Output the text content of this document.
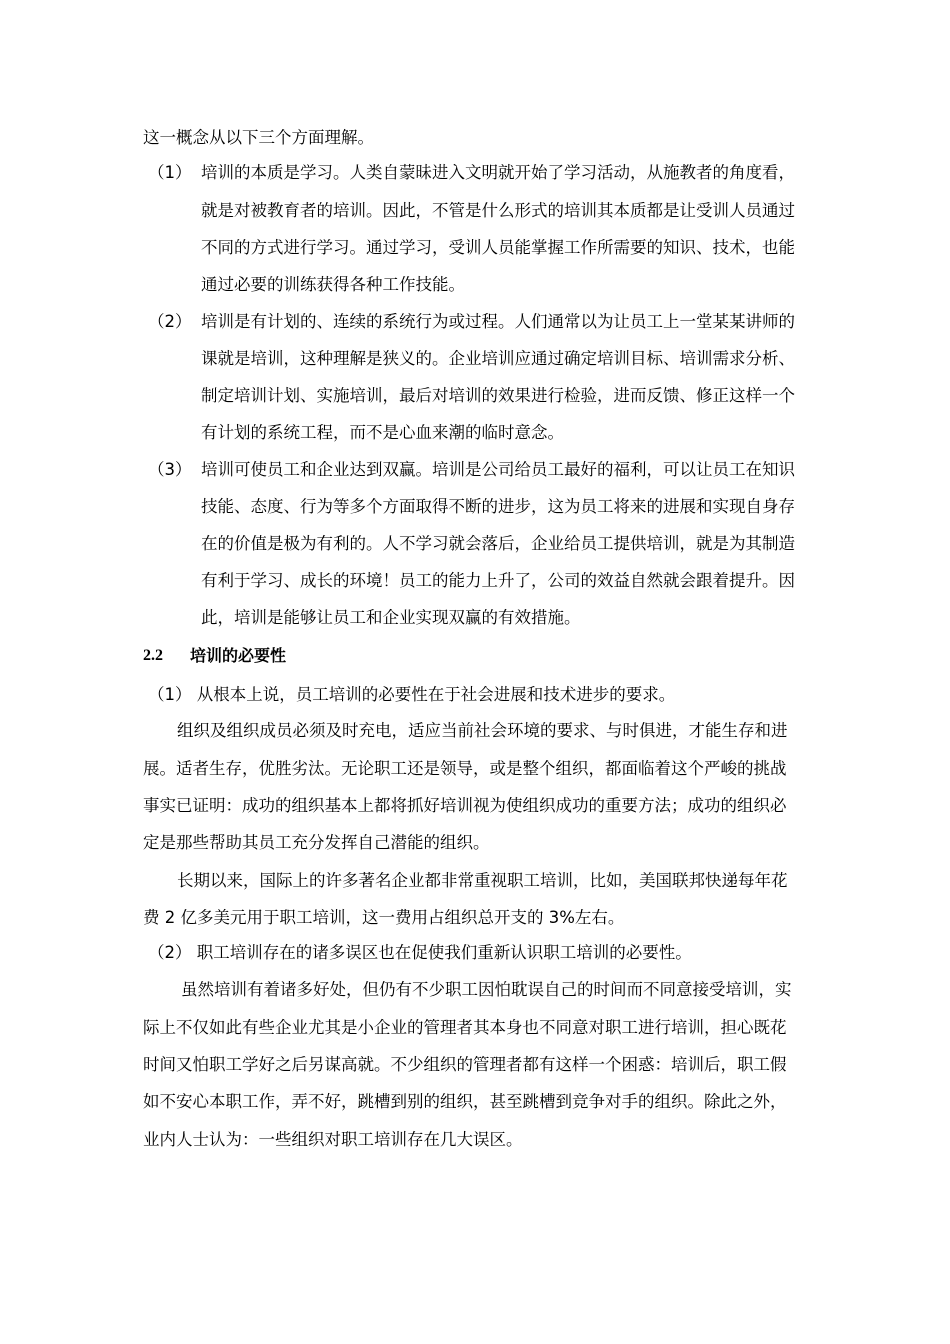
这一概念从以下三个方面理解。
（1） 培训的本质是学习。人类自蒙昧进入文明就开始了学习活动，从施教者的角度看，
就是对被教育者的培训。因此，不管是什么形式的培训其本质都是让受训人员通过
不同的方式进行学习。通过学习，受训人员能掌握工作所需要的知识、技术，也能
通过必要的训练获得各种工作技能。
（2） 培训是有计划的、连续的系统行为或过程。人们通常以为让员工上一堂某某讲师的
课就是培训，这种理解是狭义的。企业培训应通过确定培训目标、培训需求分析、
制定培训计划、实施培训，最后对培训的效果进行检验，进而反馈、修正这样一个
有计划的系统工程，而不是心血来潮的临时意念。
（3） 培训可使员工和企业达到双赢。培训是公司给员工最好的福利，可以让员工在知识
技能、态度、行为等多个方面取得不断的进步，这为员工将来的进展和实现自身存
在的价值是极为有利的。人不学习就会落后，企业给员工提供培训，就是为其制造
有利于学习、成长的环境！员工的能力上升了，公司的效益自然就会跟着提升。因
此，培训是能够让员工和企业实现双赢的有效措施。
2.2 培训的必要性
（1） 从根本上说，员工培训的必要性在于社会进展和技术进步的要求。
组织及组织成员必须及时充电，适应当前社会环境的要求、与时俱进，才能生存和进
展。适者生存，优胜劣汰。无论职工还是领导，或是整个组织，都面临着这个严峻的挑战
事实已证明：成功的组织基本上都将抓好培训视为使组织成功的重要方法；成功的组织必
定是那些帮助其员工充分发挥自己潜能的组织。
长期以来，国际上的许多著名企业都非常重视职工培训，比如，美国联邦快递每年花
费 2 亿多美元用于职工培训，这一费用占组织总开支的 3%左右。
（2） 职工培训存在的诸多误区也在促使我们重新认识职工培训的必要性。
虽然培训有着诸多好处，但仍有不少职工因怕耽误自己的时间而不同意接受培训，实
际上不仅如此有些企业尤其是小企业的管理者其本身也不同意对职工进行培训，担心既花
时间又怕职工学好之后另谋高就。不少组织的管理者都有这样一个困惑：培训后，职工假
如不安心本职工作，弄不好，跳槽到别的组织，甚至跳槽到竞争对手的组织。除此之外，
业内人士认为：一些组织对职工培训存在几大误区。
